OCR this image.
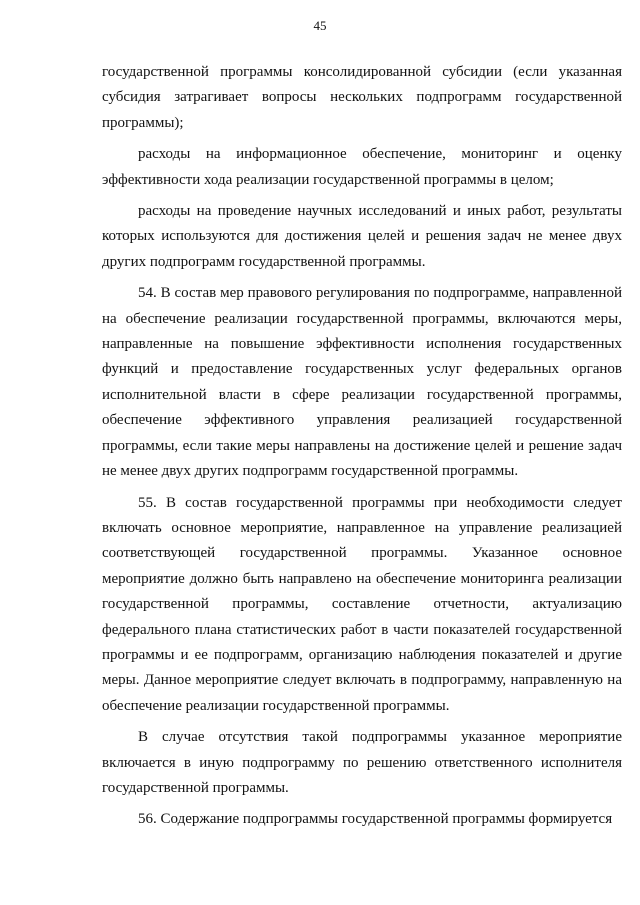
45

государственной программы консолидированной субсидии (если указанная субсидия затрагивает вопросы нескольких подпрограмм государственной программы);

расходы на информационное обеспечение, мониторинг и оценку эффективности хода реализации государственной программы в целом;

расходы на проведение научных исследований и иных работ, результаты которых используются для достижения целей и решения задач не менее двух других подпрограмм государственной программы.

54. В состав мер правового регулирования по подпрограмме, направленной на обеспечение реализации государственной программы, включаются меры, направленные на повышение эффективности исполнения государственных функций и предоставление государственных услуг федеральных органов исполнительной власти в сфере реализации государственной программы, обеспечение эффективного управления реализацией государственной программы, если такие меры направлены на достижение целей и решение задач не менее двух других подпрограмм государственной программы.

55. В состав государственной программы при необходимости следует включать основное мероприятие, направленное на управление реализацией соответствующей государственной программы. Указанное основное мероприятие должно быть направлено на обеспечение мониторинга реализации государственной программы, составление отчетности, актуализацию федерального плана статистических работ в части показателей государственной программы и ее подпрограмм, организацию наблюдения показателей и другие меры. Данное мероприятие следует включать в подпрограмму, направленную на обеспечение реализации государственной программы.

В случае отсутствия такой подпрограммы указанное мероприятие включается в иную подпрограмму по решению ответственного исполнителя государственной программы.

56. Содержание подпрограммы государственной программы формируется
